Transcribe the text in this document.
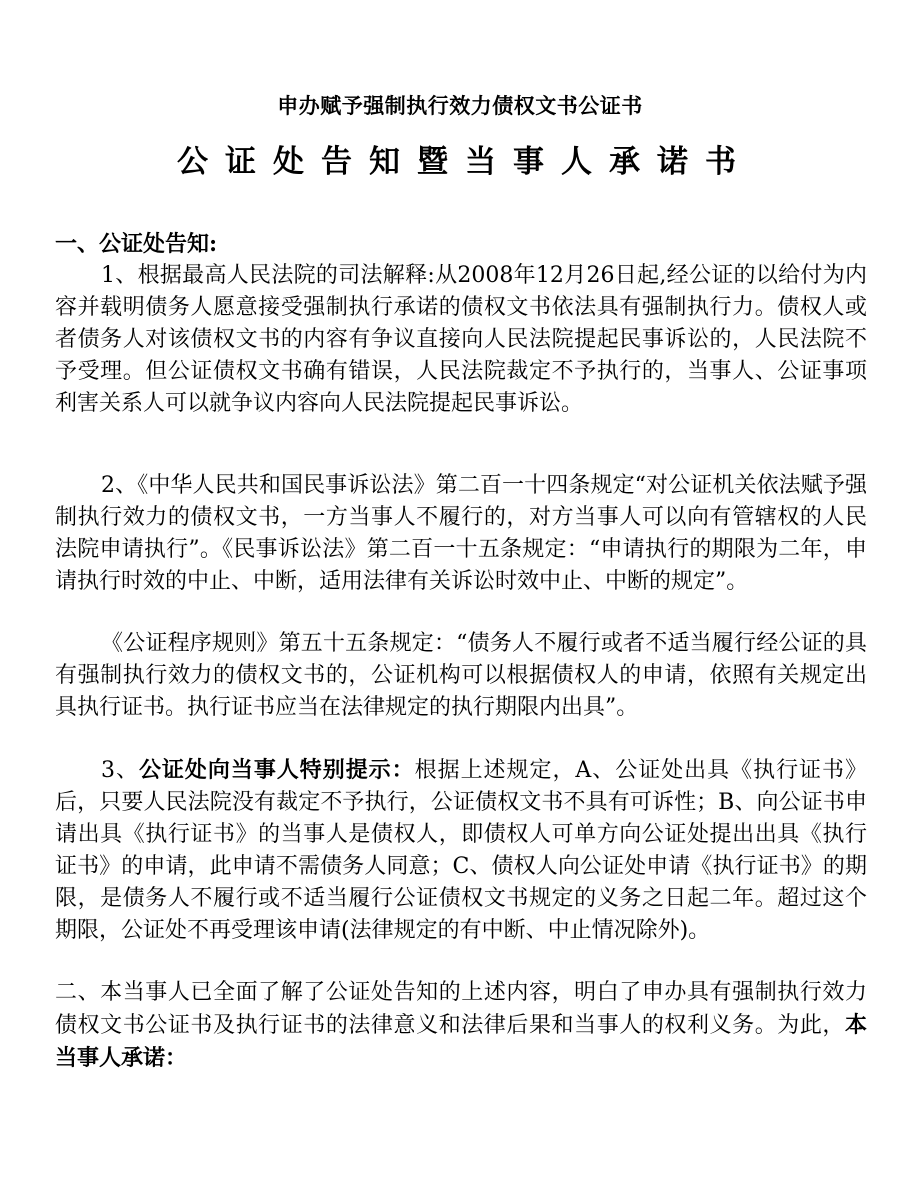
申办赋予强制执行效力债权文书公证书
公证处告知暨当事人承诺书

一、公证处告知:

1、根据最高人民法院的司法解释:从2008年12月26日起,经公证的以给付为内容并载明债务人愿意接受强制执行承诺的债权文书依法具有强制执行力。债权人或者债务人对该债权文书的内容有争议直接向人民法院提起民事诉讼的，人民法院不予受理。但公证债权文书确有错误，人民法院裁定不予执行的，当事人、公证事项利害关系人可以就争议内容向人民法院提起民事诉讼。

2、《中华人民共和国民事诉讼法》第二百一十四条规定“对公证机关依法赋予强制执行效力的债权文书，一方当事人不履行的，对方当事人可以向有管辖权的人民法院申请执行”。《民事诉讼法》第二百一十五条规定：“申请执行的期限为二年，申请执行时效的中止、中断，适用法律有关诉讼时效中止、中断的规定”。

《公证程序规则》第五十五条规定：“债务人不履行或者不适当履行经公证的具有强制执行效力的债权文书的，公证机构可以根据债权人的申请，依照有关规定出具执行证书。执行证书应当在法律规定的执行期限内出具”。

3、公证处向当事人特别提示：根据上述规定，A、公证处出具《执行证书》后，只要人民法院没有裁定不予执行，公证债权文书不具有可诉性；B、向公证书申请出具《执行证书》的当事人是债权人，即债权人可单方向公证处提出出具《执行证书》的申请，此申请不需债务人同意；C、债权人向公证处申请《执行证书》的期限，是债务人不履行或不适当履行公证债权文书规定的义务之日起二年。超过这个期限，公证处不再受理该申请(法律规定的有中断、中止情况除外)。

二、本当事人已全面了解了公证处告知的上述内容，明白了申办具有强制执行效力债权文书公证书及执行证书的法律意义和法律后果和当事人的权利义务。为此，本当事人承诺：
